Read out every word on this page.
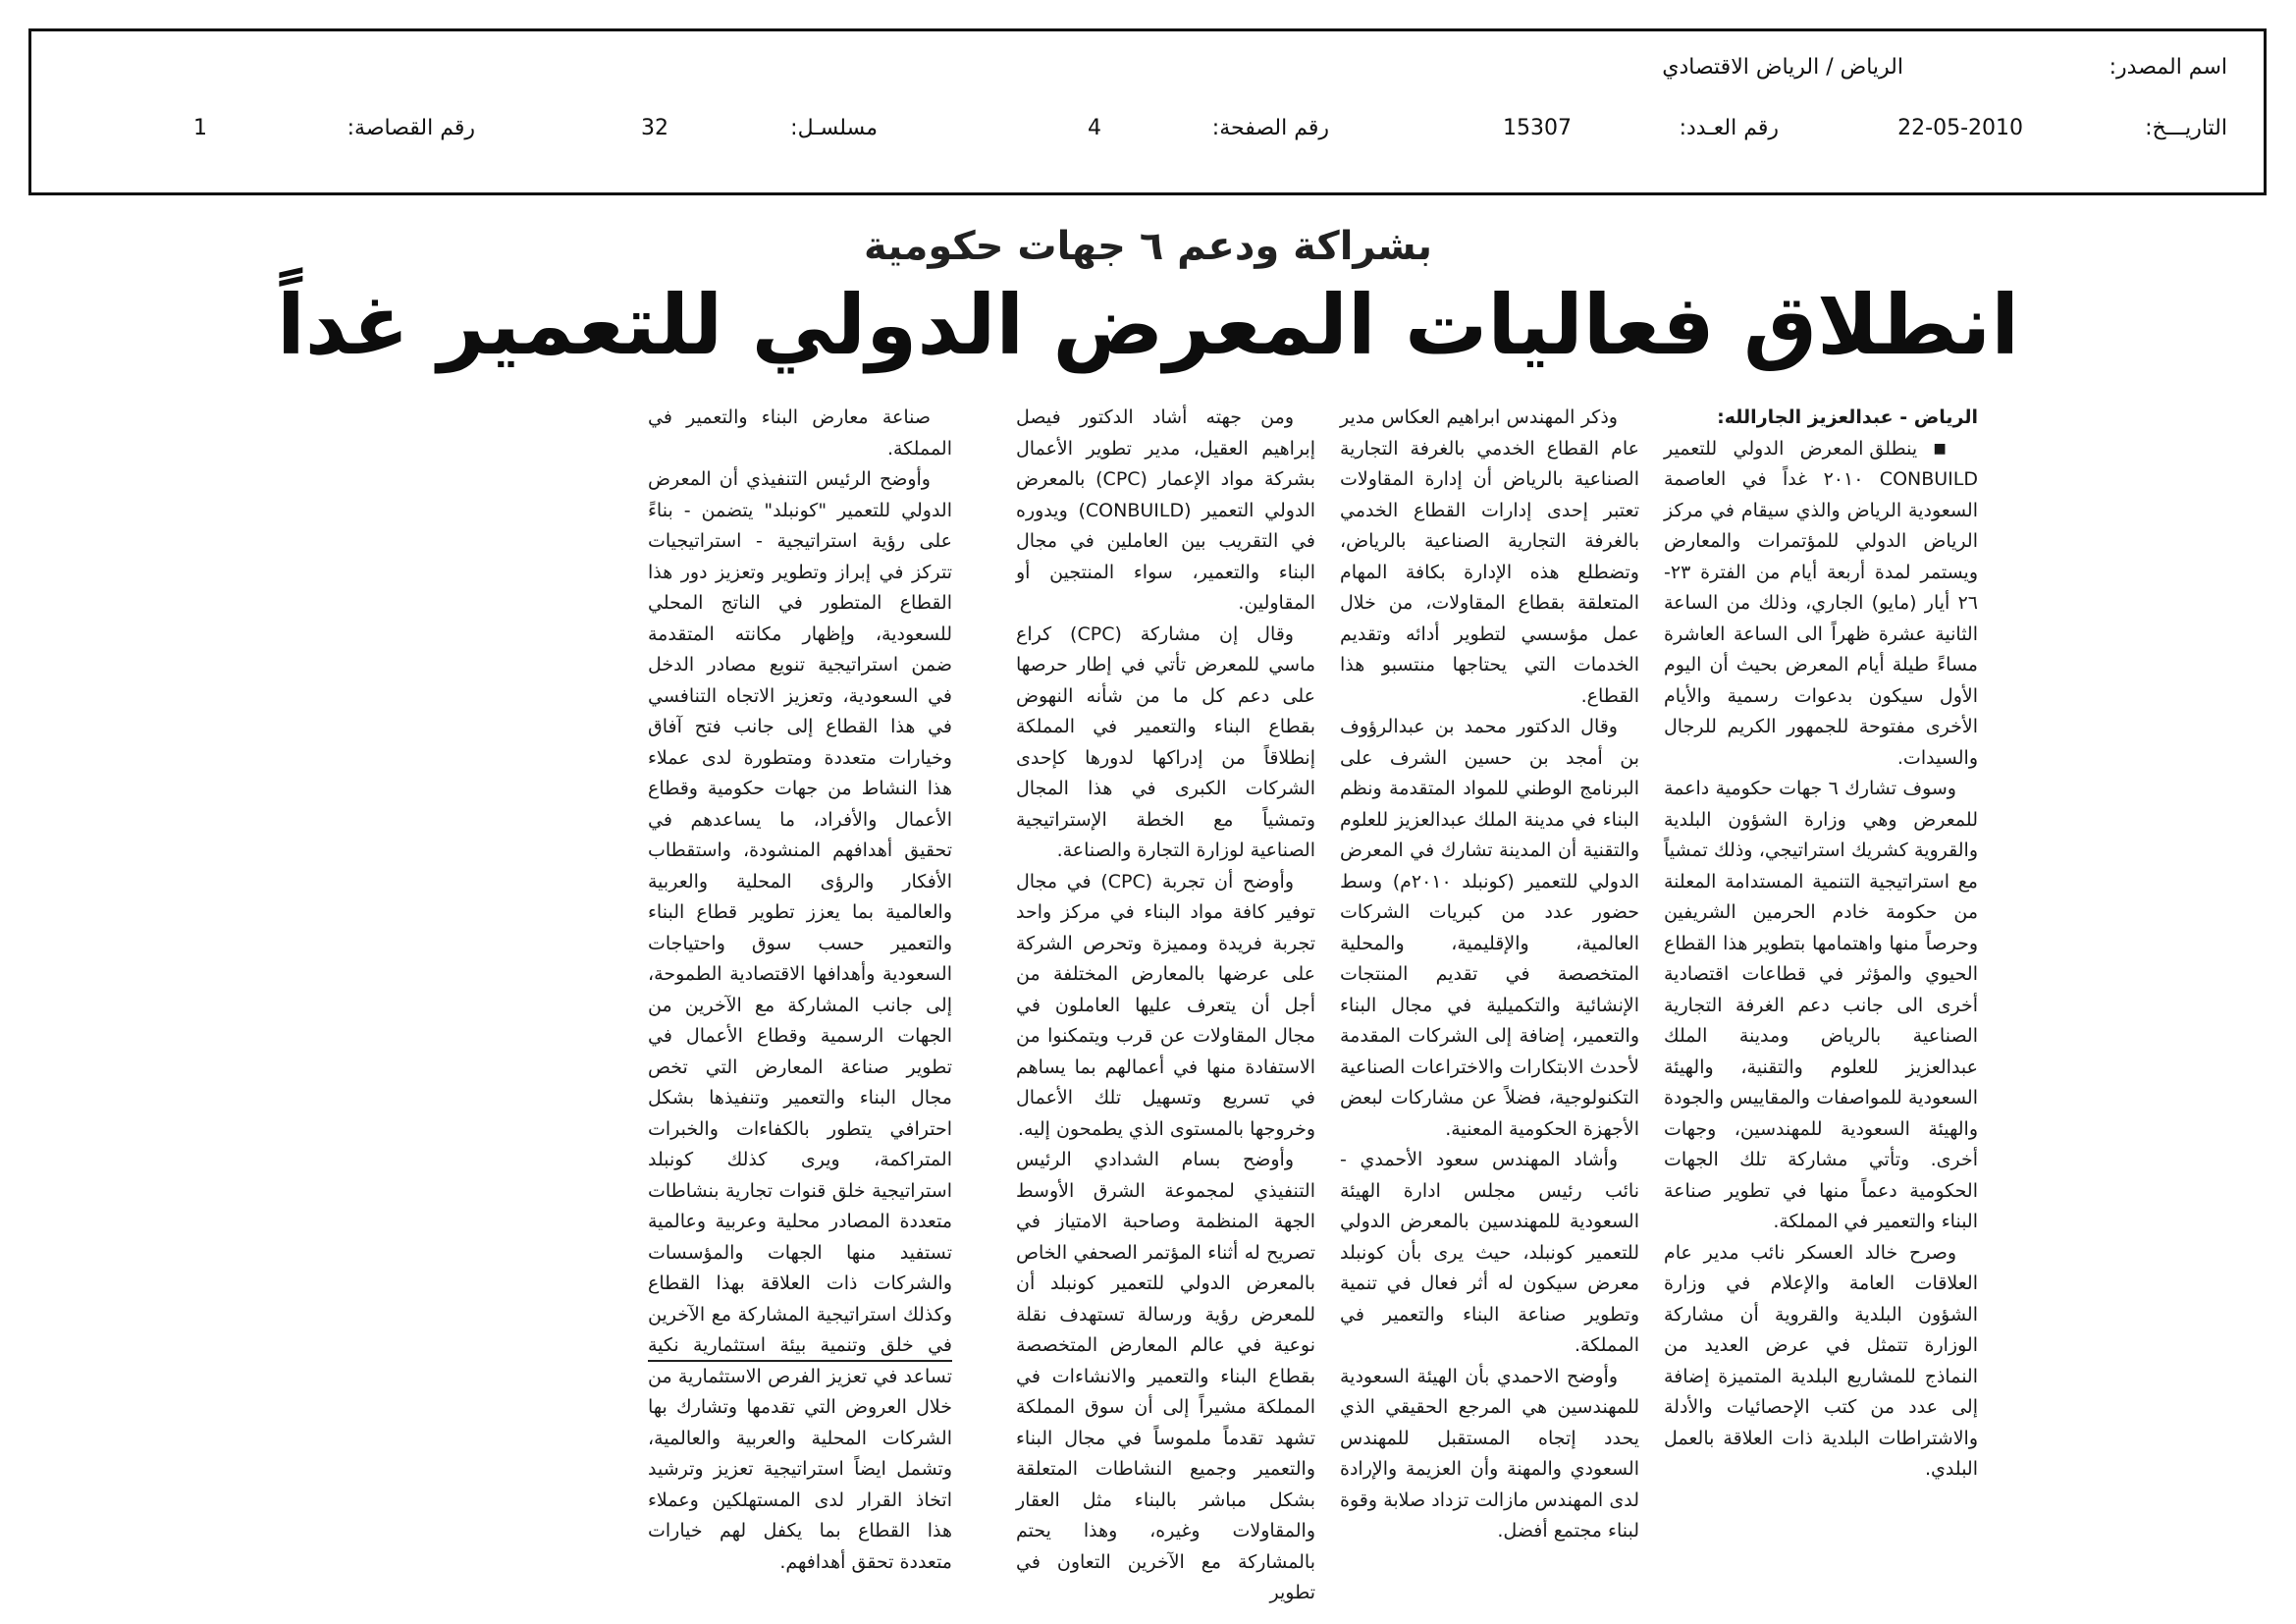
اسم المصدر:
الرياض / الرياض الاقتصادي
التاريـــخ:
22-05-2010
رقم العـدد:
15307
رقم الصفحة:
4
مسلسـل:
32
رقم القصاصة:
1
بشراكة ودعم ٦ جهات حكومية
انطلاق فعاليات المعرض الدولي للتعمير غداً

الرياض - عبدالعزيز الجارالله:

■ ينطلق المعرض الدولي للتعمير CONBUILD ٢٠١٠ غداً في العاصمة السعودية الرياض والذي سيقام في مركز الرياض الدولي للمؤتمرات والمعارض ويستمر لمدة أربعة أيام من الفترة ٢٣- ٢٦ أيار (مايو) الجاري، وذلك من الساعة الثانية عشرة ظهراً الى الساعة العاشرة مساءً طيلة أيام المعرض بحيث أن اليوم الأول سيكون بدعوات رسمية والأيام الأخرى مفتوحة للجمهور الكريم للرجال والسيدات.

وسوف تشارك ٦ جهات حكومية داعمة للمعرض وهي وزارة الشؤون البلدية والقروية كشريك استراتيجي، وذلك تمشياً مع استراتيجية التنمية المستدامة المعلنة من حكومة خادم الحرمين الشريفين وحرصاً منها واهتمامها بتطوير هذا القطاع الحيوي والمؤثر في قطاعات اقتصادية أخرى الى جانب دعم الغرفة التجارية الصناعية بالرياض ومدينة الملك عبدالعزيز للعلوم والتقنية، والهيئة السعودية للمواصفات والمقاييس والجودة والهيئة السعودية للمهندسين، وجهات أخرى. وتأتي مشاركة تلك الجهات الحكومية دعماً منها في تطوير صناعة البناء والتعمير في المملكة.

وصرح خالد العسكر نائب مدير عام العلاقات العامة والإعلام في وزارة الشؤون البلدية والقروية أن مشاركة الوزارة تتمثل في عرض العديد من النماذج للمشاريع البلدية المتميزة إضافة إلى عدد من كتب الإحصائيات والأدلة والاشتراطات البلدية ذات العلاقة بالعمل البلدي.

وذكر المهندس ابراهيم العكاس مدير عام القطاع الخدمي بالغرفة التجارية الصناعية بالرياض أن إدارة المقاولات تعتبر إحدى إدارات القطاع الخدمي بالغرفة التجارية الصناعية بالرياض، وتضطلع هذه الإدارة بكافة المهام المتعلقة بقطاع المقاولات، من خلال عمل مؤسسي لتطوير أدائه وتقديم الخدمات التي يحتاجها منتسبو هذا القطاع.

وقال الدكتور محمد بن عبدالرؤوف بن أمجد بن حسين الشرف على البرنامج الوطني للمواد المتقدمة ونظم البناء في مدينة الملك عبدالعزيز للعلوم والتقنية أن المدينة تشارك في المعرض الدولي للتعمير (كونبلد ٢٠١٠م) وسط حضور عدد من كبريات الشركات العالمية، والإقليمية، والمحلية المتخصصة في تقديم المنتجات الإنشائية والتكميلية في مجال البناء والتعمير، إضافة إلى الشركات المقدمة لأحدث الابتكارات والاختراعات الصناعية التكنولوجية، فضلاً عن مشاركات لبعض الأجهزة الحكومية المعنية.

وأشاد المهندس سعود الأحمدي - نائب رئيس مجلس ادارة الهيئة السعودية للمهندسين بالمعرض الدولي للتعمير كونبلد، حيث يرى بأن كونبلد معرض سيكون له أثر فعال في تنمية وتطوير صناعة البناء والتعمير في المملكة.

وأوضح الاحمدي بأن الهيئة السعودية للمهندسين هي المرجع الحقيقي الذي يحدد إتجاه المستقبل للمهندس السعودي والمهنة وأن العزيمة والإرادة لدى المهندس مازالت تزداد صلابة وقوة لبناء مجتمع أفضل.

ومن جهته أشاد الدكتور فيصل إبراهيم العقيل، مدير تطوير الأعمال بشركة مواد الإعمار (CPC) بالمعرض الدولي التعمير (CONBUILD) ويدوره في التقريب بين العاملين في مجال البناء والتعمير، سواء المنتجين أو المقاولين.

وقال إن مشاركة (CPC) كراع ماسي للمعرض تأتي في إطار حرصها على دعم كل ما من شأنه النهوض بقطاع البناء والتعمير في المملكة إنطلاقاً من إدراكها لدورها كإحدى الشركات الكبرى في هذا المجال وتمشياً مع الخطة الإستراتيجية الصناعية لوزارة التجارة والصناعة.

وأوضح أن تجربة (CPC) في مجال توفير كافة مواد البناء في مركز واحد تجربة فريدة ومميزة وتحرص الشركة على عرضها بالمعارض المختلفة من أجل أن يتعرف عليها العاملون في مجال المقاولات عن قرب ويتمكنوا من الاستفادة منها في أعمالهم بما يساهم في تسريع وتسهيل تلك الأعمال وخروجها بالمستوى الذي يطمحون إليه.

وأوضح بسام الشدادي الرئيس التنفيذي لمجموعة الشرق الأوسط الجهة المنظمة وصاحبة الامتياز في تصريح له أثناء المؤتمر الصحفي الخاص بالمعرض الدولي للتعمير كونبلد أن للمعرض رؤية ورسالة تستهدف نقلة نوعية في عالم المعارض المتخصصة بقطاع البناء والتعمير والانشاءات في المملكة مشيراً إلى أن سوق المملكة تشهد تقدماً ملموساً في مجال البناء والتعمير وجميع النشاطات المتعلقة بشكل مباشر بالبناء مثل العقار والمقاولات وغيره، وهذا يحتم بالمشاركة مع الآخرين التعاون في تطوير

صناعة معارض البناء والتعمير في المملكة.

وأوضح الرئيس التنفيذي أن المعرض الدولي للتعمير "كونبلد" يتضمن - بناءً على رؤية استراتيجية - استراتيجيات تتركز في إبراز وتطوير وتعزيز دور هذا القطاع المتطور في الناتج المحلي للسعودية، وإظهار مكانته المتقدمة ضمن استراتيجية تنويع مصادر الدخل في السعودية، وتعزيز الاتجاه التنافسي في هذا القطاع إلى جانب فتح آفاق وخيارات متعددة ومتطورة لدى عملاء هذا النشاط من جهات حكومية وقطاع الأعمال والأفراد، ما يساعدهم في تحقيق أهدافهم المنشودة، واستقطاب الأفكار والرؤى المحلية والعربية والعالمية بما يعزز تطوير قطاع البناء والتعمير حسب سوق واحتياجات السعودية وأهدافها الاقتصادية الطموحة، إلى جانب المشاركة مع الآخرين من الجهات الرسمية وقطاع الأعمال في تطوير صناعة المعارض التي تخص مجال البناء والتعمير وتنفيذها بشكل احترافي يتطور بالكفاءات والخبرات المتراكمة، ويرى كذلك كونبلد استراتيجية خلق قنوات تجارية بنشاطات متعددة المصادر محلية وعربية وعالمية تستفيد منها الجهات والمؤسسات والشركات ذات العلاقة بهذا القطاع وكذلك استراتيجية المشاركة مع الآخرين في خلق وتنمية بيئة استثمارية نكية تساعد في تعزيز الفرص الاستثمارية من خلال العروض التي تقدمها وتشارك بها الشركات المحلية والعربية والعالمية، وتشمل ايضاً استراتيجية تعزيز وترشيد اتخاذ القرار لدى المستهلكين وعملاء هذا القطاع بما يكفل لهم خيارات متعددة تحقق أهدافهم.
